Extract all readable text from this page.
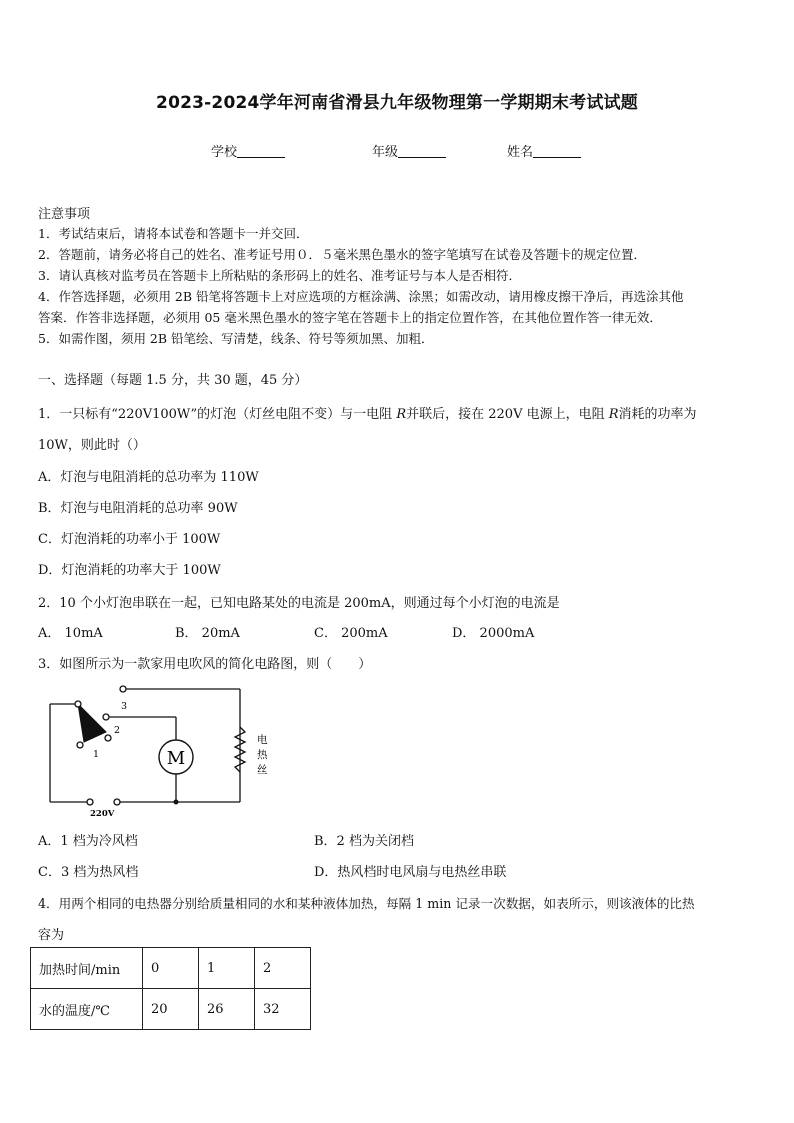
2023-2024学年河南省滑县九年级物理第一学期期末考试试题
学校	年级	姓名
注意事项
1．考试结束后，请将本试卷和答题卡一并交回．
2．答题前，请务必将自己的姓名、准考证号用０．５毫米黑色墨水的签字笔填写在试卷及答题卡的规定位置．
3．请认真核对监考员在答题卡上所粘贴的条形码上的姓名、准考证号与本人是否相符．
4．作答选择题，必须用 2B 铅笔将答题卡上对应选项的方框涂满、涂黑；如需改动，请用橡皮擦干净后，再选涂其他
答案．作答非选择题，必须用 05 毫米黑色墨水的签字笔在答题卡上的指定位置作答，在其他位置作答一律无效．
5．如需作图，须用 2B 铅笔绘、写清楚，线条、符号等须加黑、加粗．
一、选择题（每题 1.5 分，共 30 题，45 分）
1．一只标有“220V100W”的灯泡（灯丝电阻不变）与一电阻 R并联后，接在 220V 电源上，电阻 R消耗的功率为
10W，则此时（）
A．灯泡与电阻消耗的总功率为 110W
B．灯泡与电阻消耗的总功率 90W
C．灯泡消耗的功率小于 100W
D．灯泡消耗的功率大于 100W
2．10 个小灯泡串联在一起，已知电路某处的电流是 200mA，则通过每个小灯泡的电流是
A． 10mA	B． 20mA	C． 200mA	D． 2000mA
3．如图所示为一款家用电吹风的简化电路图，则（　　）
M
3
2
1
220V
电
热
丝
A．1 档为冷风档	B．2 档为关闭档
C．3 档为热风档	D．热风档时电风扇与电热丝串联
4．用两个相同的电热器分别给质量相同的水和某种液体加热，每隔 1 min 记录一次数据，如表所示，则该液体的比热
容为
加热时间/min	0	1	2
水的温度/℃	20	26	32
